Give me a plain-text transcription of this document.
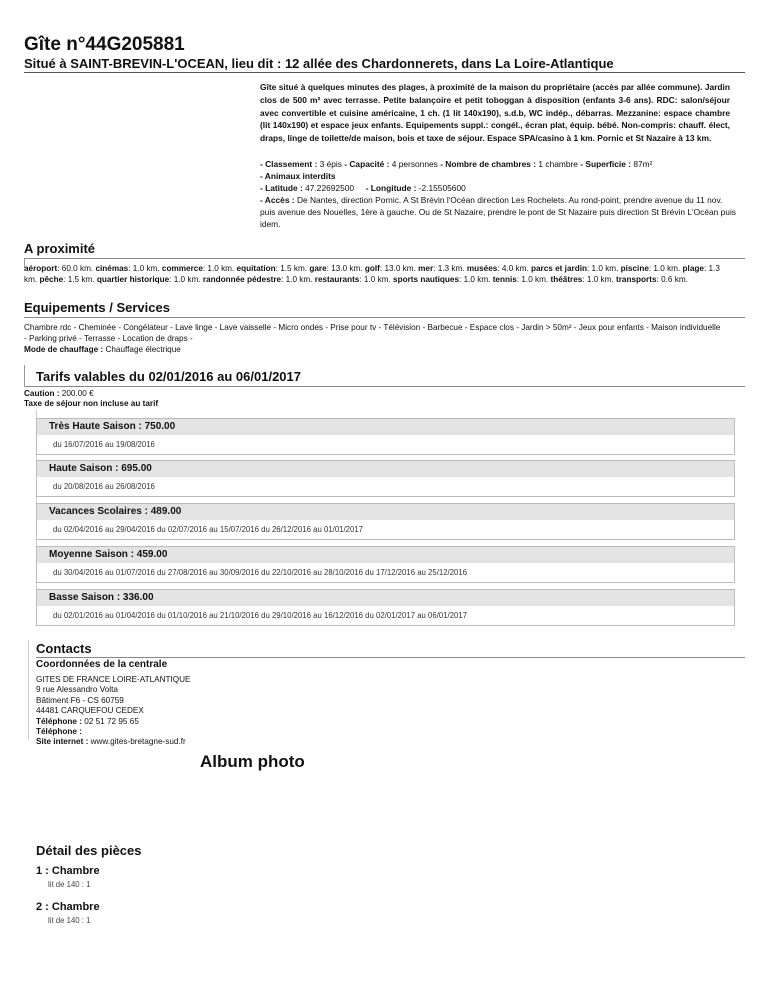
Gîte n°44G205881
Situé à SAINT-BREVIN-L'OCEAN, lieu dit : 12 allée des Chardonnerets, dans La Loire-Atlantique

Gîte situé à quelques minutes des plages, à proximité de la maison du propriétaire (accès par allée commune). Jardin clos de 500 m² avec terrasse. Petite balançoire et petit toboggan à disposition (enfants 3-6 ans). RDC: salon/séjour avec convertible et cuisine américaine, 1 ch. (1 lit 140x190), s.d.b, WC indép., débarras. Mezzanine: espace chambre (lit 140x190) et espace jeux enfants. Equipements suppl.: congél., écran plat, équip. bébé. Non-compris: chauff. élect, draps, linge de toilette/de maison, bois et taxe de séjour. Espace SPA/casino à 1 km. Pornic et St Nazaire à 13 km.

- Classement : 3 épis - Capacité : 4 personnes - Nombre de chambres : 1 chambre - Superficie : 87m²
- Animaux interdits
- Latitude : 47.22692500 - Longitude : -2.15505600
- Accès : De Nantes, direction Pornic. A St Brévin l'Océan direction Les Rochelets. Au rond-point, prendre avenue du 11 nov. puis avenue des Nouelles, 1ère à gauche. Ou de St Nazaire, prendre le pont de St Nazaire puis direction St Brévin L'Océan puis idem.
A proximité
aéroport: 60.0 km. cinémas: 1.0 km. commerce: 1.0 km. equitation: 1.5 km. gare: 13.0 km. golf: 13.0 km. mer: 1.3 km. musées: 4.0 km. parcs et jardin: 1.0 km. piscine: 1.0 km. plage: 1.3 km. pêche: 1.5 km. quartier historique: 1.0 km. randonnée pédestre: 1.0 km. restaurants: 1.0 km. sports nautiques: 1.0 km. tennis: 1.0 km. théâtres: 1.0 km. transports: 0.6 km.
Equipements / Services
Chambre rdc - Cheminée - Congélateur - Lave linge - Lave vaisselle - Micro ondes - Prise pour tv - Télévision - Barbecue - Espace clos - Jardin > 50m² - Jeux pour enfants - Maison individuelle - Parking privé - Terrasse - Location de draps -
Mode de chauffage : Chauffage électrique
Tarifs valables du 02/01/2016 au 06/01/2017
Caution : 200.00 €
Taxe de séjour non incluse au tarif
Très Haute Saison : 750.00
du 16/07/2016 au 19/08/2016
Haute Saison : 695.00
du 20/08/2016 au 26/08/2016
Vacances Scolaires : 489.00
du 02/04/2016 au 29/04/2016 du 02/07/2016 au 15/07/2016 du 26/12/2016 au 01/01/2017
Moyenne Saison : 459.00
du 30/04/2016 au 01/07/2016 du 27/08/2016 au 30/09/2016 du 22/10/2016 au 28/10/2016 du 17/12/2016 au 25/12/2016
Basse Saison : 336.00
du 02/01/2016 au 01/04/2016 du 01/10/2016 au 21/10/2016 du 29/10/2016 au 16/12/2016 du 02/01/2017 au 06/01/2017
Contacts
Coordonnées de la centrale
GITES DE FRANCE LOIRE-ATLANTIQUE
9 rue Alessandro Volta
Bâtiment F6 - CS 60759
44481 CARQUEFOU CEDEX
Téléphone : 02 51 72 95 65
Téléphone :
Site internet : www.gites-bretagne-sud.fr
Album photo
Détail des pièces
1 : Chambre
lit de 140 : 1
2 : Chambre
lit de 140 : 1
